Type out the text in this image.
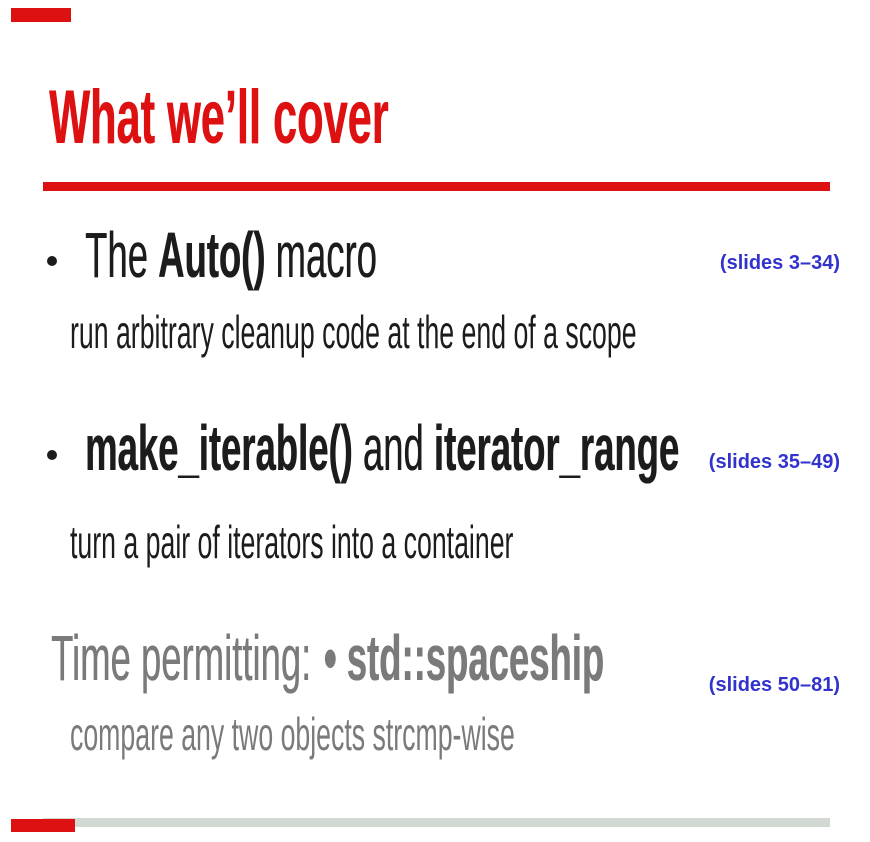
What we’ll cover
The Auto() macro	(slides 3–34)

run arbitrary cleanup code at the end of a scope

make_iterable() and iterator_range (slides 35–49)

turn a pair of iterators into a container

Time permitting: • std::spaceship	(slides 50–81)

compare any two objects strcmp-wise
